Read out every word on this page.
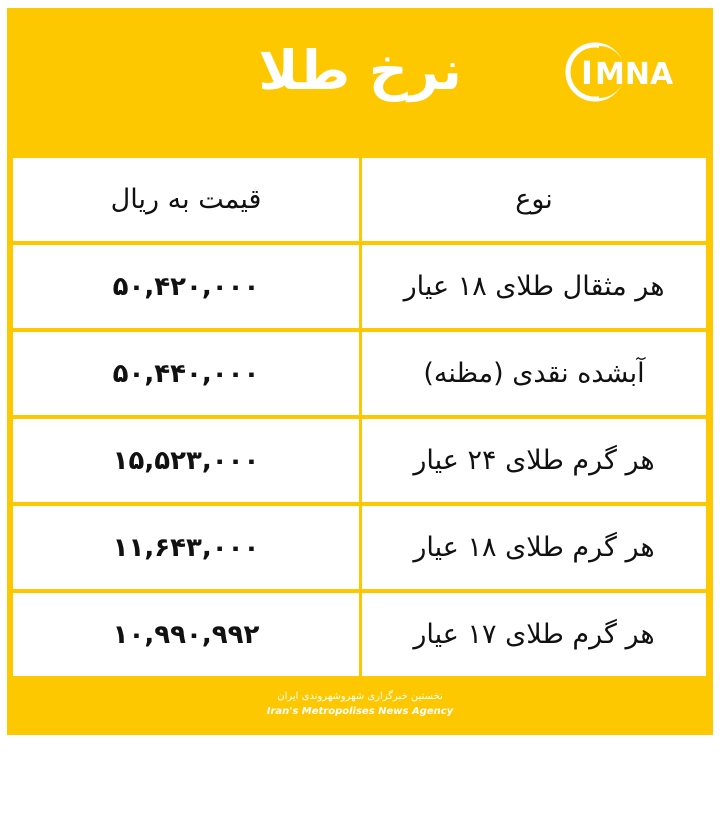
نرخ طلا	I MNA
نوع
قیمت به ریال
هر مثقال طلای ۱۸ عیار
۵۰,۴۲۰,۰۰۰
آبشده نقدی (مظنه)
۵۰,۴۴۰,۰۰۰
هر گرم طلای ۲۴ عیار
۱۵,۵۲۳,۰۰۰
هر گرم طلای ۱۸ عیار
۱۱,۶۴۳,۰۰۰
هر گرم طلای ۱۷ عیار
۱۰,۹۹۰,۹۹۲
نخستین خبرگزاری شهروشهروندی ایران
Iran's Metropolises News Agency
